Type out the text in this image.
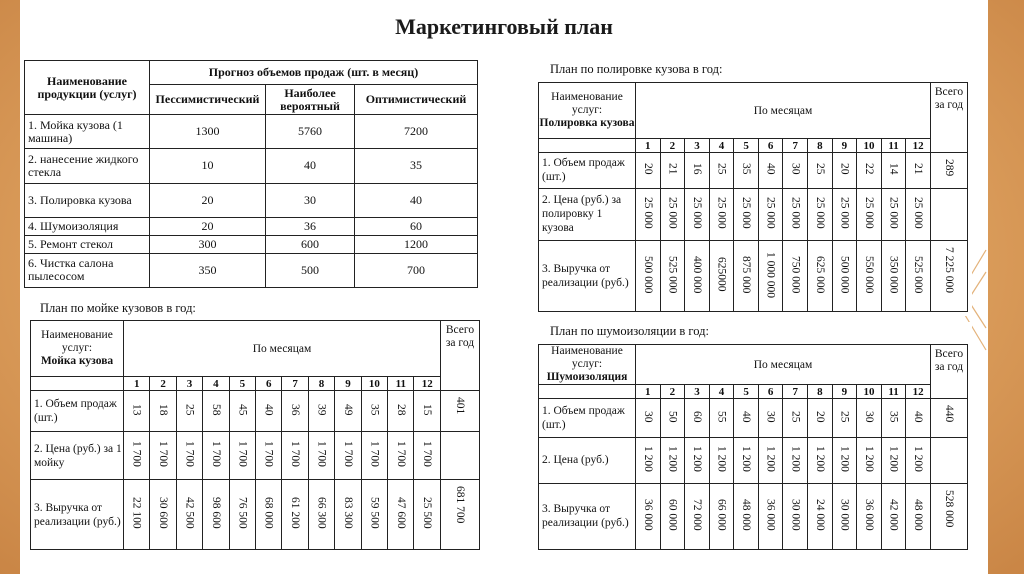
Маркетинговый план
Наименование продукции (услуг)	Прогноз объемов продаж (шт. в месяц)		
	Пессимистический	Наиболее вероятный	Оптимистический
1. Мойка кузова (1 машина)	1300	5760	7200
2. нанесение жидкого стекла	10	40	35
3. Полировка кузова	20	30	40
4. Шумоизоляция	20	36	60
5. Ремонт стекол	300	600	1200
6. Чистка салона пылесосом	350	500	700
План по мойке кузовов в год:
Наименование услуг:
Мойка кузова	По месяцам												Всего за год
	1	2	3	4	5	6	7	8	9	10	11	12	
1. Объем продаж (шт.)	13	18	25	58	45	40	36	39	49	35	28	15	401
2. Цена (руб.) за 1 мойку	1 700	1 700	1 700	1 700	1 700	1 700	1 700	1 700	1 700	1 700	1 700	1 700	
3. Выручка от реализации (руб.)	22 100	30 600	42 500	98 600	76 500	68 000	61 200	66 300	83 300	59 500	47 600	25 500	681 700
План по полировке кузова в год:
Наименование услуг:
Полировка кузова	По месяцам												Всего за год
	1	2	3	4	5	6	7	8	9	10	11	12	
1. Объем продаж (шт.)	20	21	16	25	35	40	30	25	20	22	14	21	289
2. Цена (руб.) за полировку 1 кузова	25 000	25 000	25 000	25 000	25 000	25 000	25 000	25 000	25 000	25 000	25 000	25 000	
3. Выручка от реализации (руб.)	500 000	525 000	400 000	625000	875 000	1 000 000	750 000	625 000	500 000	550 000	350 000	525 000	7 225 000
План по шумоизоляции в год:
Наименование услуг:
Шумоизоляция	По месяцам												Всего за год
	1	2	3	4	5	6	7	8	9	10	11	12	
1. Объем продаж (шт.)	30	50	60	55	40	30	25	20	25	30	35	40	440
2. Цена (руб.)	1 200	1 200	1 200	1 200	1 200	1 200	1 200	1 200	1 200	1 200	1 200	1 200	
3. Выручка от реализации (руб.)	36 000	60 000	72 000	66 000	48 000	36 000	30 000	24 000	30 000	36 000	42 000	48 000	528 000
